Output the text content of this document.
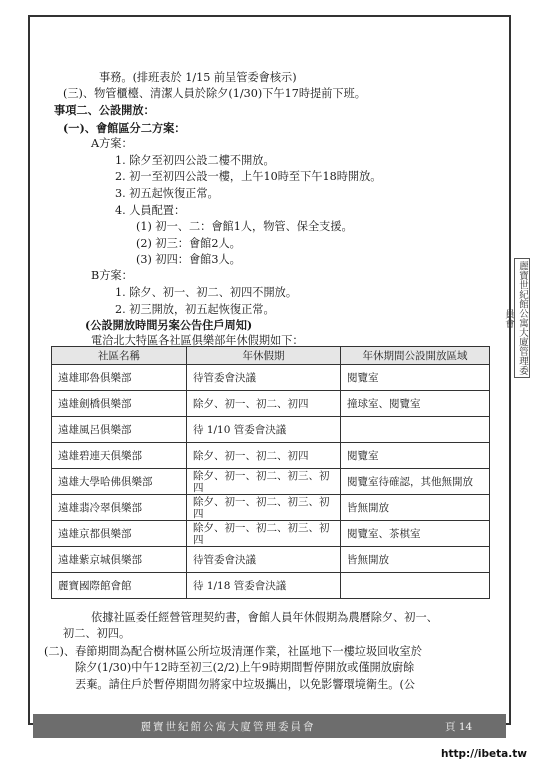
事務。(排班表於 1/15 前呈管委會核示)
(三)、物管櫃檯、清潔人員於除夕(1/30)下午17時提前下班。
事項二、公設開放：
(一)、會館區分二方案：
A方案：
1. 除夕至初四公設二樓不開放。
2. 初一至初四公設一樓，上午10時至下午18時開放。
3. 初五起恢復正常。
4. 人員配置：
(1) 初一、二：會館1人，物管、保全支援。
(2) 初三：會館2人。
(3) 初四：會館3人。
B方案：
1. 除夕、初一、初二、初四不開放。
2. 初三開放，初五起恢復正常。
(公設開放時間另案公告住戶周知)
電洽北大特區各社區俱樂部年休假期如下：
社區名稱	年休假期	年休期間公設開放區域
遠雄耶魯俱樂部	待管委會決議	閱覽室
遠雄劍橋俱樂部	除夕、初一、初二、初四	撞球室、閱覽室
遠雄風呂俱樂部	待 1/10 管委會決議	
遠雄碧連天俱樂部	除夕、初一、初二、初四	閱覽室
遠雄大學哈佛俱樂部	除夕、初一、初二、初三、初四	閱覽室待確認，其他無開放
遠雄翡冷翠俱樂部	除夕、初一、初二、初三、初四	皆無開放
遠雄京都俱樂部	除夕、初一、初二、初三、初四	閱覽室、茶棋室
遠雄紫京城俱樂部	待管委會決議	皆無開放
麗寶國際館會館	待 1/18 管委會決議	
依據社區委任經營管理契約書，會館人員年休假期為農曆除夕、初一、
初二、初四。
(二)、春節期間為配合樹林區公所垃圾清運作業，社區地下一樓垃圾回收室於
除夕(1/30)中午12時至初三(2/2)上午9時期間暫停開放或僅開放廚餘
丟棄。請住戶於暫停期間勿將家中垃圾攜出，以免影響環境衛生。(公
麗寶世紀館公寓大廈管理委員會	頁 14
麗寶世紀館公寓大廈管理委員會
http://ibeta.tw
